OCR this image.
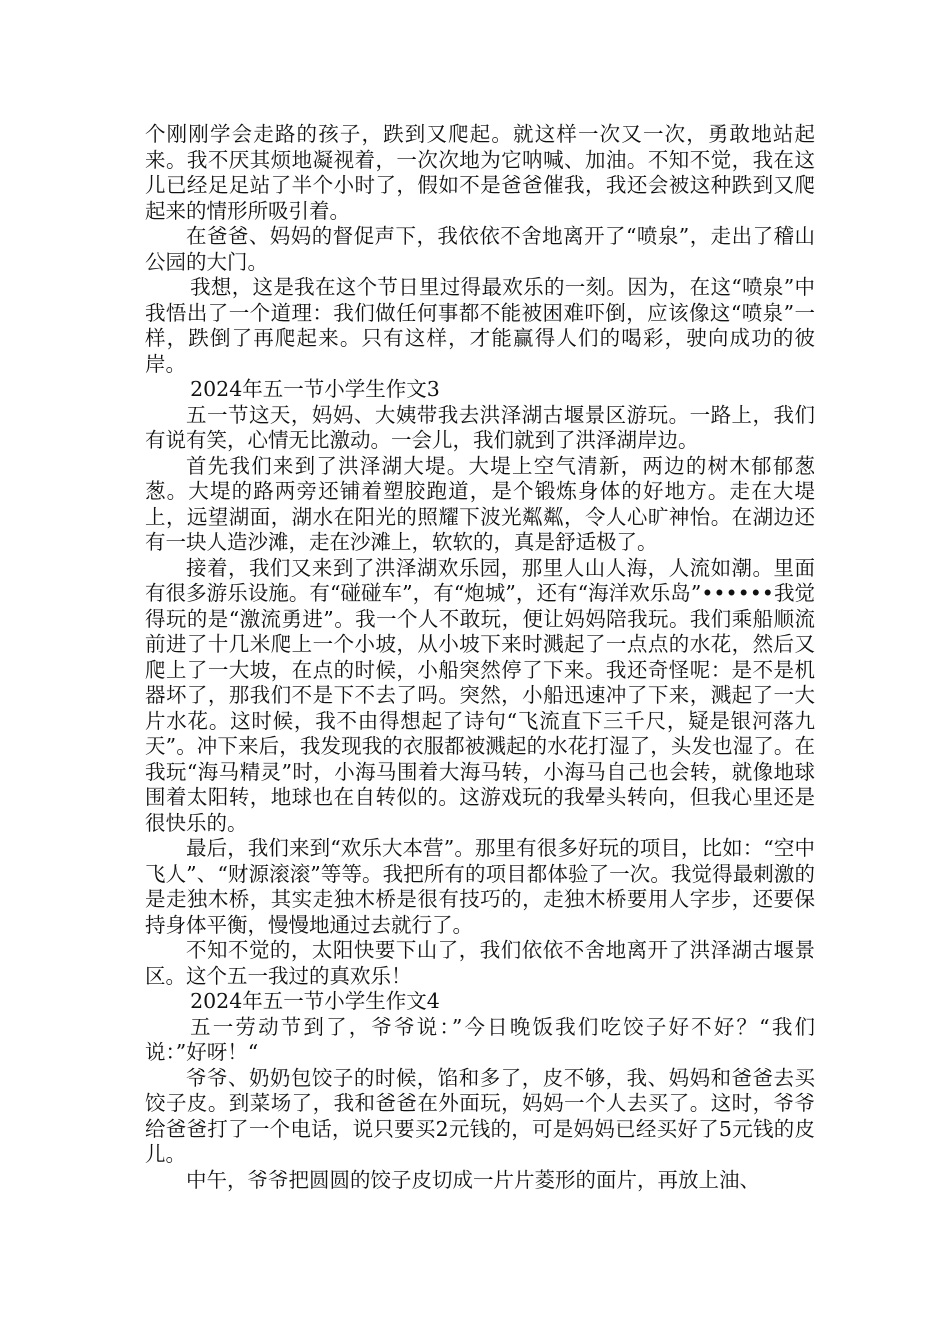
个刚刚学会走路的孩子，跌到又爬起。就这样一次又一次，勇敢地站起来。我不厌其烦地凝视着，一次次地为它呐喊、加油。不知不觉，我在这儿已经足足站了半个小时了，假如不是爸爸催我，我还会被这种跌到又爬起来的情形所吸引着。

在爸爸、妈妈的督促声下，我依依不舍地离开了“喷泉”，走出了稽山公园的大门。

我想，这是我在这个节日里过得最欢乐的一刻。因为，在这“喷泉”中我悟出了一个道理：我们做任何事都不能被困难吓倒，应该像这“喷泉”一样，跌倒了再爬起来。只有这样，才能赢得人们的喝彩，驶向成功的彼岸。

2024年五一节小学生作文3

五一节这天，妈妈、大姨带我去洪泽湖古堰景区游玩。一路上，我们有说有笑，心情无比激动。一会儿，我们就到了洪泽湖岸边。

首先我们来到了洪泽湖大堤。大堤上空气清新，两边的树木郁郁葱葱。大堤的路两旁还铺着塑胶跑道，是个锻炼身体的好地方。走在大堤上，远望湖面，湖水在阳光的照耀下波光粼粼，令人心旷神怡。在湖边还有一块人造沙滩，走在沙滩上，软软的，真是舒适极了。

接着，我们又来到了洪泽湖欢乐园，那里人山人海，人流如潮。里面有很多游乐设施。有“碰碰车”，有“炮城”，还有“海洋欢乐岛”••••••我觉得玩的是“激流勇进”。我一个人不敢玩，便让妈妈陪我玩。我们乘船顺流前进了十几米爬上一个小坡，从小坡下来时溅起了一点点的水花，然后又爬上了一大坡，在点的时候，小船突然停了下来。我还奇怪呢：是不是机器坏了，那我们不是下不去了吗。突然，小船迅速冲了下来，溅起了一大片水花。这时候，我不由得想起了诗句“飞流直下三千尺，疑是银河落九天”。冲下来后，我发现我的衣服都被溅起的水花打湿了，头发也湿了。在我玩“海马精灵”时，小海马围着大海马转，小海马自己也会转，就像地球围着太阳转，地球也在自转似的。这游戏玩的我晕头转向，但我心里还是很快乐的。

最后，我们来到“欢乐大本营”。那里有很多好玩的项目，比如：“空中飞人”、“财源滚滚”等等。我把所有的项目都体验了一次。我觉得最刺激的是走独木桥，其实走独木桥是很有技巧的，走独木桥要用人字步，还要保持身体平衡，慢慢地通过去就行了。

不知不觉的，太阳快要下山了，我们依依不舍地离开了洪泽湖古堰景区。这个五一我过的真欢乐！

2024年五一节小学生作文4

五一劳动节到了，爷爷说：”今日晚饭我们吃饺子好不好？“我们说：”好呀！“

爷爷、奶奶包饺子的时候，馅和多了，皮不够，我、妈妈和爸爸去买饺子皮。到菜场了，我和爸爸在外面玩，妈妈一个人去买了。这时，爷爷给爸爸打了一个电话，说只要买2元钱的，可是妈妈已经买好了5元钱的皮儿。

中午，爷爷把圆圆的饺子皮切成一片片菱形的面片，再放上油、
